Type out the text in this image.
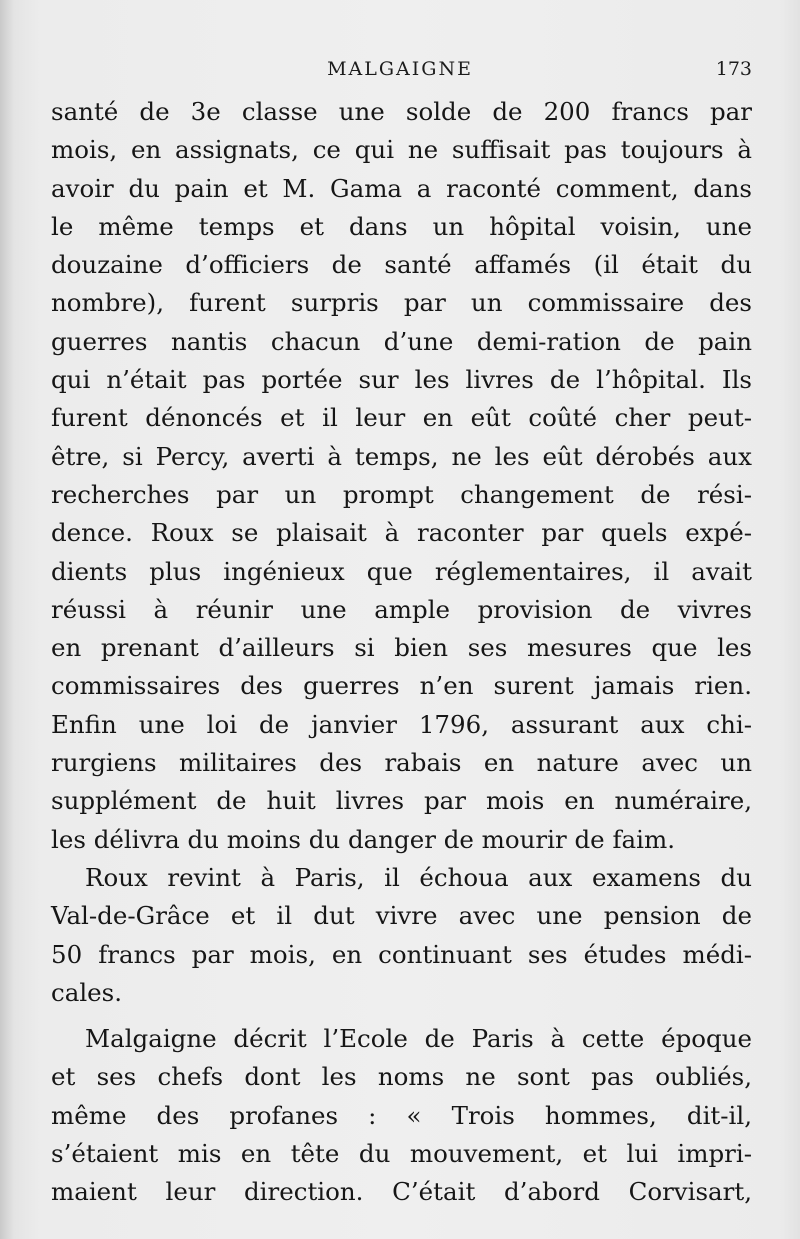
MALGAIGNE	173

santé de 3e classe une solde de 200 francs par
mois, en assignats, ce qui ne suffisait pas toujours à
avoir du pain et M. Gama a raconté comment, dans
le même temps et dans un hôpital voisin, une
douzaine d’officiers de santé affamés (il était du
nombre), furent surpris par un commissaire des
guerres nantis chacun d’une demi-ration de pain
qui n’était pas portée sur les livres de l’hôpital. Ils
furent dénoncés et il leur en eût coûté cher peut-
être, si Percy, averti à temps, ne les eût dérobés aux
recherches par un prompt changement de rési-
dence. Roux se plaisait à raconter par quels expé-
dients plus ingénieux que réglementaires, il avait
réussi à réunir une ample provision de vivres
en prenant d’ailleurs si bien ses mesures que les
commissaires des guerres n’en surent jamais rien.
Enfin une loi de janvier 1796, assurant aux chi-
rurgiens militaires des rabais en nature avec un
supplément de huit livres par mois en numéraire,
les délivra du moins du danger de mourir de faim.

Roux revint à Paris, il échoua aux examens du
Val-de-Grâce et il dut vivre avec une pension de
50 francs par mois, en continuant ses études médi-
cales.

Malgaigne décrit l’Ecole de Paris à cette époque
et ses chefs dont les noms ne sont pas oubliés,
même des profanes : « Trois hommes, dit-il,
s’étaient mis en tête du mouvement, et lui impri-
maient leur direction. C’était d’abord Corvisart,
